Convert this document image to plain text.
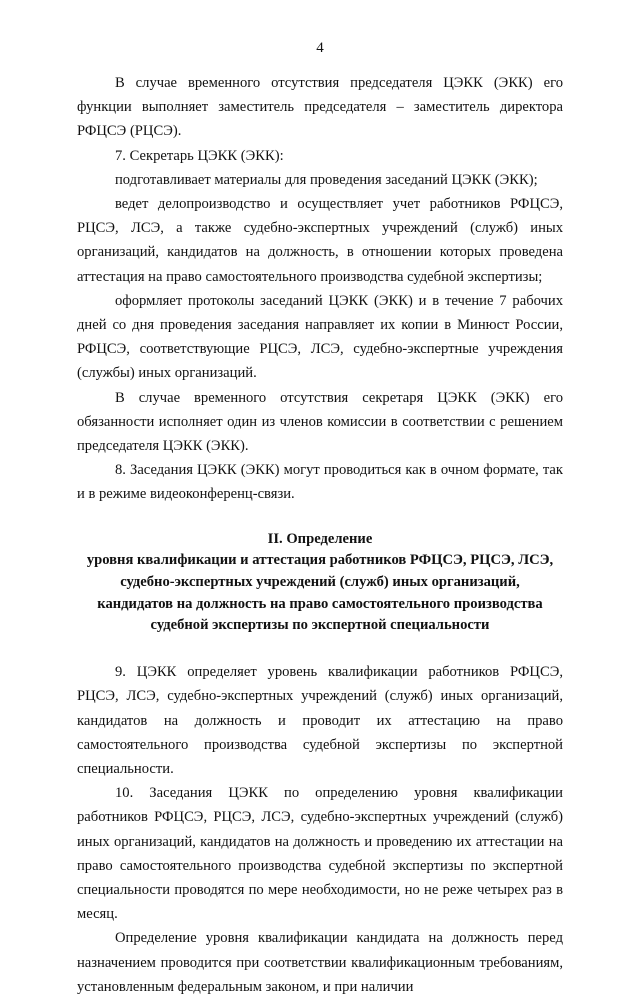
4

В случае временного отсутствия председателя ЦЭКК (ЭКК) его функции выполняет заместитель председателя – заместитель директора РФЦСЭ (РЦСЭ).

7. Секретарь ЦЭКК (ЭКК):

подготавливает материалы для проведения заседаний ЦЭКК (ЭКК);

ведет делопроизводство и осуществляет учет работников РФЦСЭ, РЦСЭ, ЛСЭ, а также судебно-экспертных учреждений (служб) иных организаций, кандидатов на должность, в отношении которых проведена аттестация на право самостоятельного производства судебной экспертизы;

оформляет протоколы заседаний ЦЭКК (ЭКК) и в течение 7 рабочих дней со дня проведения заседания направляет их копии в Минюст России, РФЦСЭ, соответствующие РЦСЭ, ЛСЭ, судебно-экспертные учреждения (службы) иных организаций.

В случае временного отсутствия секретаря ЦЭКК (ЭКК) его обязанности исполняет один из членов комиссии в соответствии с решением председателя ЦЭКК (ЭКК).

8. Заседания ЦЭКК (ЭКК) могут проводиться как в очном формате, так и в режиме видеоконференц-связи.

II. Определение
уровня квалификации и аттестация работников РФЦСЭ, РЦСЭ, ЛСЭ,
судебно-экспертных учреждений (служб) иных организаций,
кандидатов на должность на право самостоятельного производства
судебной экспертизы по экспертной специальности

9. ЦЭКК определяет уровень квалификации работников РФЦСЭ, РЦСЭ, ЛСЭ, судебно-экспертных учреждений (служб) иных организаций, кандидатов на должность и проводит их аттестацию на право самостоятельного производства судебной экспертизы по экспертной специальности.

10. Заседания ЦЭКК по определению уровня квалификации работников РФЦСЭ, РЦСЭ, ЛСЭ, судебно-экспертных учреждений (служб) иных организаций, кандидатов на должность и проведению их аттестации на право самостоятельного производства судебной экспертизы по экспертной специальности проводятся по мере необходимости, но не реже четырех раз в месяц.

Определение уровня квалификации кандидата на должность перед назначением проводится при соответствии квалификационным требованиям, установленным федеральным законом, и при наличии
